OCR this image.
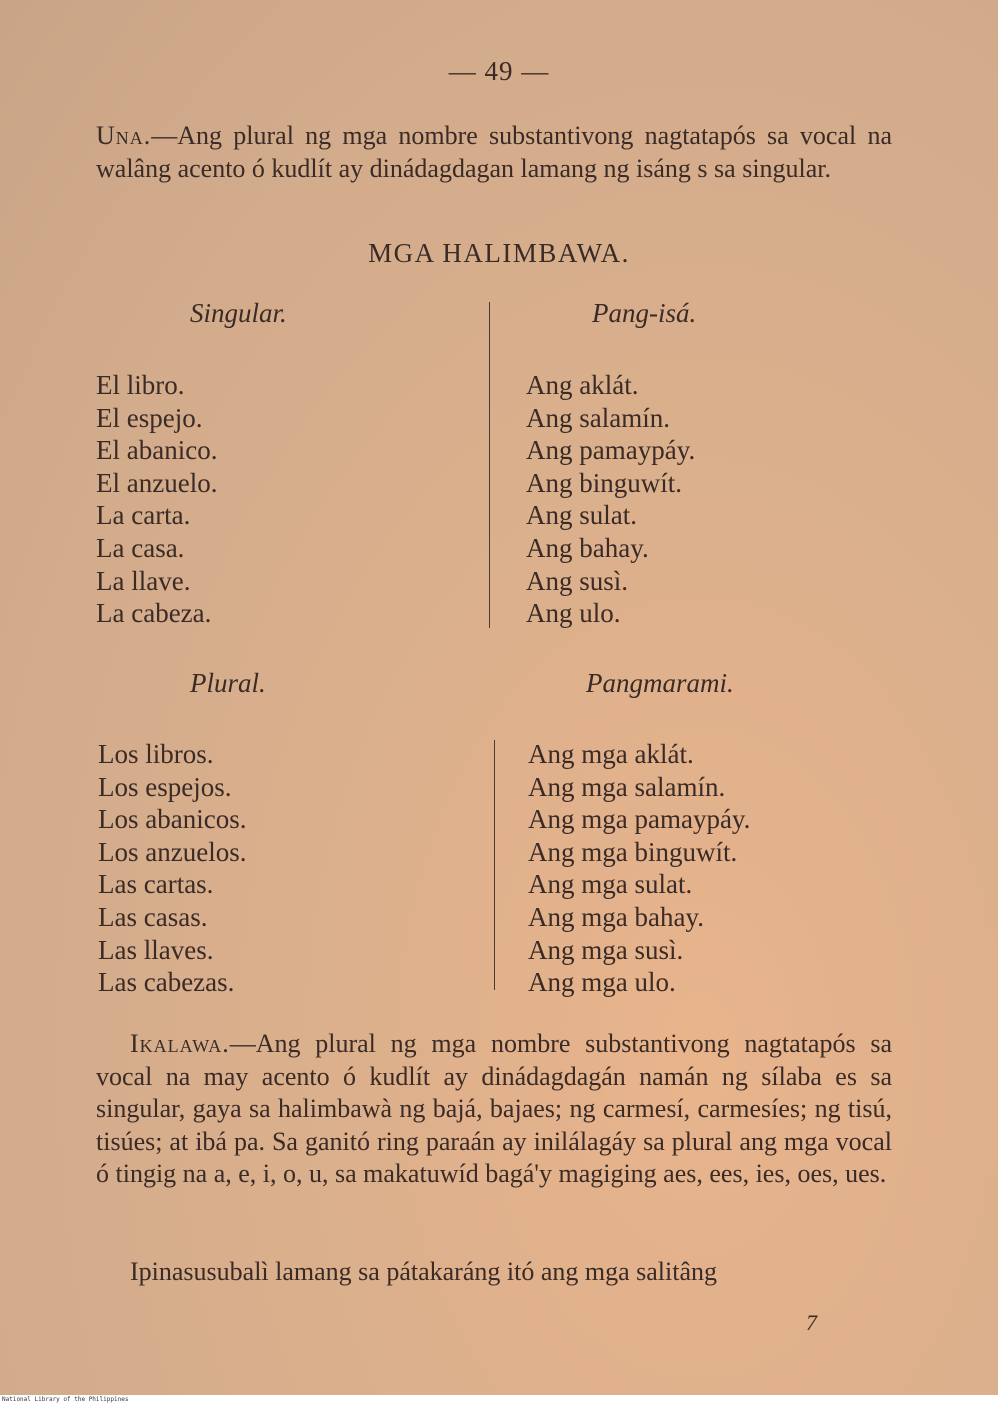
— 49 —

Una.—Ang plural ng mga nombre substantivong nagtatapós sa vocal na walâng acento ó kudlít ay dinádagdagan lamang ng isáng s sa singular.

MGA HALIMBAWA.
Singular.	Pang-isá.
El libro.
El espejo.
El abanico.
El anzuelo.
La carta.
La casa.
La llave.
La cabeza.
Ang aklát.
Ang salamín.
Ang pamaypáy.
Ang binguwít.
Ang sulat.
Ang bahay.
Ang susì.
Ang ulo.
Plural.	Pangmarami.
Los libros.
Los espejos.
Los abanicos.
Los anzuelos.
Las cartas.
Las casas.
Las llaves.
Las cabezas.
Ang mga aklát.
Ang mga salamín.
Ang mga pamaypáy.
Ang mga binguwít.
Ang mga sulat.
Ang mga bahay.
Ang mga susì.
Ang mga ulo.

Ikalawa.—Ang plural ng mga nombre substantivong nagtatapós sa vocal na may acento ó kudlít ay dinádagdagán namán ng sílaba es sa singular, gaya sa halimbawà ng bajá, bajaes; ng carmesí, carmesíes; ng tisú, tisúes; at ibá pa. Sa ganitó ring paraán ay inilálagáy sa plural ang mga vocal ó tingig na a, e, i, o, u, sa makatuwíd bagá'y magiging aes, ees, ies, oes, ues.

Ipinasusubalì lamang sa pátakaráng itó ang mga salitâng

7
National Library of the Philippines
